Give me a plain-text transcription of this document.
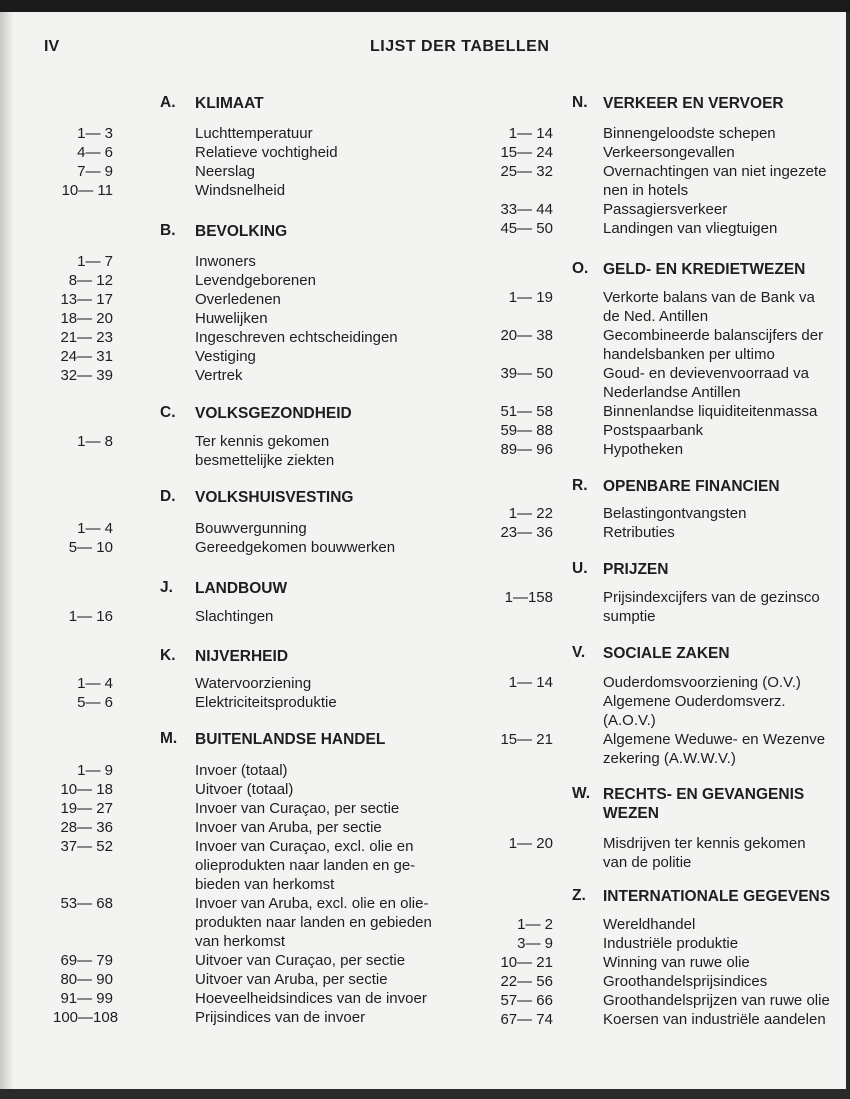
IV	LIJST DER TABELLEN
A. KLIMAAT
1— 3	Luchttemperatuur
4— 6	Relatieve vochtigheid
7— 9	Neerslag
10— 11	Windsnelheid
B. BEVOLKING
1— 7	Inwoners
8— 12	Levendgeborenen
13— 17	Overledenen
18— 20	Huwelijken
21— 23	Ingeschreven echtscheidingen
24— 31	Vestiging
32— 39	Vertrek
C. VOLKSGEZONDHEID
1— 8	Ter kennis gekomen
besmettelijke ziekten
D. VOLKSHUISVESTING
1— 4	Bouwvergunning
5— 10	Gereedgekomen bouwwerken
J. LANDBOUW
1— 16	Slachtingen
K. NIJVERHEID
1— 4	Watervoorziening
5— 6	Elektriciteitsproduktie
M. BUITENLANDSE HANDEL
1— 9	Invoer (totaal)
10— 18	Uitvoer (totaal)
19— 27	Invoer van Curaçao, per sectie
28— 36	Invoer van Aruba, per sectie
37— 52	Invoer van Curaçao, excl. olie en
olieprodukten naar landen en ge-
bieden van herkomst
53— 68	Invoer van Aruba, excl. olie en olie-
produkten naar landen en gebieden
van herkomst
69— 79	Uitvoer van Curaçao, per sectie
80— 90	Uitvoer van Aruba, per sectie
91— 99	Hoeveelheidsindices van de invoer
100—108	Prijsindices van de invoer
N. VERKEER EN VERVOER
1— 14	Binnengeloodste schepen
15— 24	Verkeersongevallen
25— 32	Overnachtingen van niet ingezete
nen in hotels
33— 44	Passagiersverkeer
45— 50	Landingen van vliegtuigen
O. GELD- EN KREDIETWEZEN
1— 19	Verkorte balans van de Bank va
de Ned. Antillen
20— 38	Gecombineerde balanscijfers der
handelsbanken per ultimo
39— 50	Goud- en devievenvoorraad va
Nederlandse Antillen
51— 58	Binnenlandse liquiditeitenmassa
59— 88	Postspaarbank
89— 96	Hypotheken
R. OPENBARE FINANCIEN
1— 22	Belastingontvangsten
23— 36	Retributies
U. PRIJZEN
1—158	Prijsindexcijfers van de gezinsco
sumptie
V. SOCIALE ZAKEN
1— 14	Ouderdomsvoorziening (O.V.)
Algemene Ouderdomsverz.
(A.O.V.)
15— 21	Algemene Weduwe- en Wezenve
zekering (A.W.W.V.)
W. RECHTS- EN GEVANGENIS
WEZEN
1— 20	Misdrijven ter kennis gekomen
van de politie
Z. INTERNATIONALE GEGEVENS
1— 2	Wereldhandel
3— 9	Industriële produktie
10— 21	Winning van ruwe olie
22— 56	Groothandelsprijsindices
57— 66	Groothandelsprijzen van ruwe olie
67— 74	Koersen van industriële aandelen
